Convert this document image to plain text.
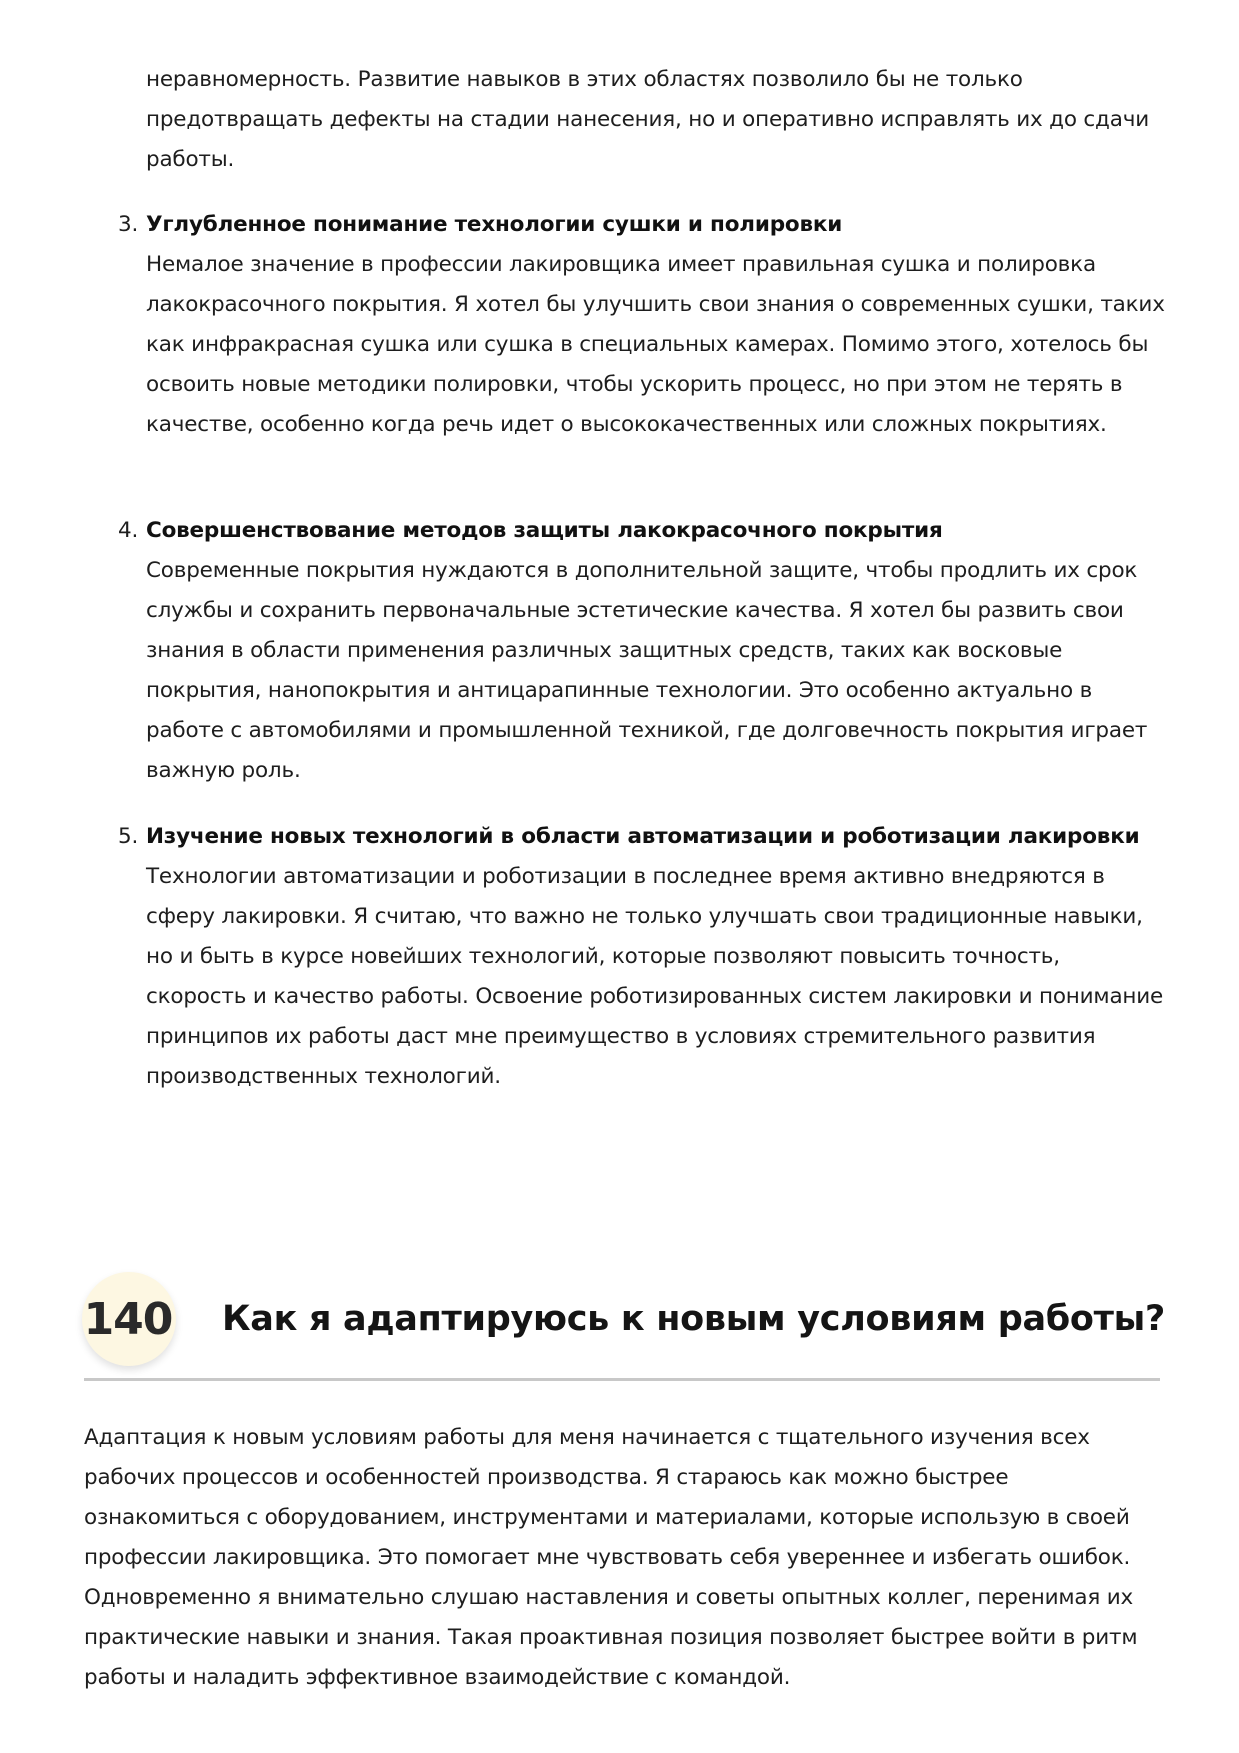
неравномерность. Развитие навыков в этих областях позволило бы не только предотвращать дефекты на стадии нанесения, но и оперативно исправлять их до сдачи работы.

3. Углубленное понимание технологии сушки и полировки
Немалое значение в профессии лакировщика имеет правильная сушка и полировка лакокрасочного покрытия. Я хотел бы улучшить свои знания о современных сушки, таких как инфракрасная сушка или сушка в специальных камерах. Помимо этого, хотелось бы освоить новые методики полировки, чтобы ускорить процесс, но при этом не терять в качестве, особенно когда речь идет о высококачественных или сложных покрытиях.
4. Совершенствование методов защиты лакокрасочного покрытия
Современные покрытия нуждаются в дополнительной защите, чтобы продлить их срок службы и сохранить первоначальные эстетические качества. Я хотел бы развить свои знания в области применения различных защитных средств, таких как восковые покрытия, нанопокрытия и антицарапинные технологии. Это особенно актуально в работе с автомобилями и промышленной техникой, где долговечность покрытия играет важную роль.
5. Изучение новых технологий в области автоматизации и роботизации лакировки
Технологии автоматизации и роботизации в последнее время активно внедряются в сферу лакировки. Я считаю, что важно не только улучшать свои традиционные навыки, но и быть в курсе новейших технологий, которые позволяют повысить точность, скорость и качество работы. Освоение роботизированных систем лакировки и понимание принципов их работы даст мне преимущество в условиях стремительного развития производственных технологий.
140 Как я адаптируюсь к новым условиям работы?

Адаптация к новым условиям работы для меня начинается с тщательного изучения всех рабочих процессов и особенностей производства. Я стараюсь как можно быстрее ознакомиться с оборудованием, инструментами и материалами, которые использую в своей профессии лакировщика. Это помогает мне чувствовать себя увереннее и избегать ошибок. Одновременно я внимательно слушаю наставления и советы опытных коллег, перенимая их практические навыки и знания. Такая проактивная позиция позволяет быстрее войти в ритм работы и наладить эффективное взаимодействие с командой.
